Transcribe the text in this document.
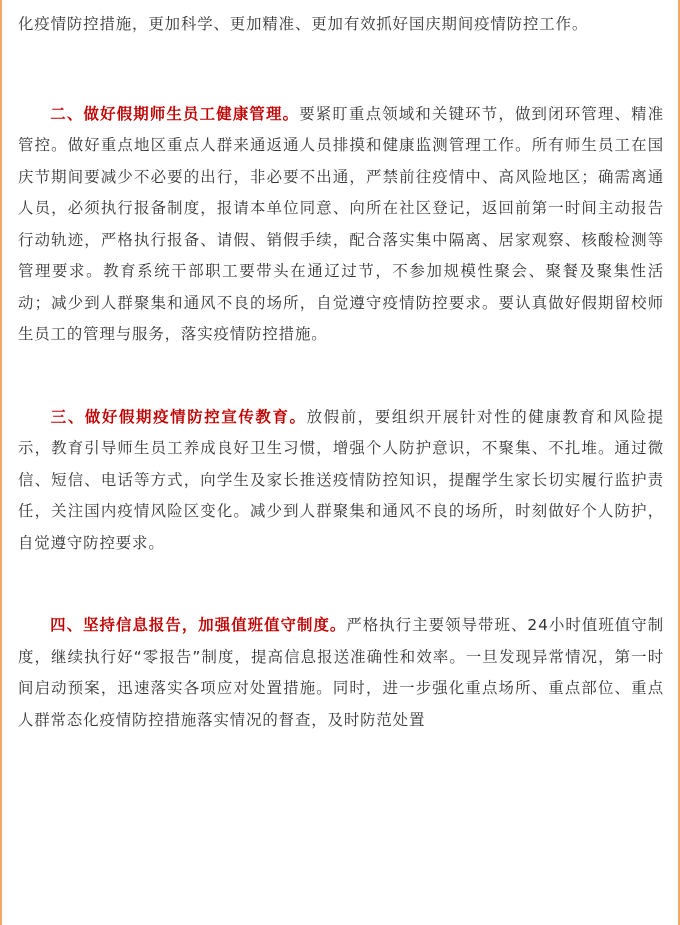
化疫情防控措施，更加科学、更加精准、更加有效抓好国庆期间疫情防控工作。

二、做好假期师生员工健康管理。要紧盯重点领域和关键环节，做到闭环管理、精准管控。做好重点地区重点人群来通返通人员排摸和健康监测管理工作。所有师生员工在国庆节期间要减少不必要的出行，非必要不出通，严禁前往疫情中、高风险地区；确需离通人员，必须执行报备制度，报请本单位同意、向所在社区登记，返回前第一时间主动报告行动轨迹，严格执行报备、请假、销假手续，配合落实集中隔离、居家观察、核酸检测等管理要求。教育系统干部职工要带头在通辽过节，不参加规模性聚会、聚餐及聚集性活动；减少到人群聚集和通风不良的场所，自觉遵守疫情防控要求。要认真做好假期留校师生员工的管理与服务，落实疫情防控措施。

三、做好假期疫情防控宣传教育。放假前，要组织开展针对性的健康教育和风险提示，教育引导师生员工养成良好卫生习惯，增强个人防护意识，不聚集、不扎堆。通过微信、短信、电话等方式，向学生及家长推送疫情防控知识，提醒学生家长切实履行监护责任，关注国内疫情风险区变化。减少到人群聚集和通风不良的场所，时刻做好个人防护，自觉遵守防控要求。

四、坚持信息报告，加强值班值守制度。严格执行主要领导带班、24小时值班值守制度，继续执行好“零报告”制度，提高信息报送准确性和效率。一旦发现异常情况，第一时间启动预案，迅速落实各项应对处置措施。同时，进一步强化重点场所、重点部位、重点人群常态化疫情防控措施落实情况的督查，及时防范处置
